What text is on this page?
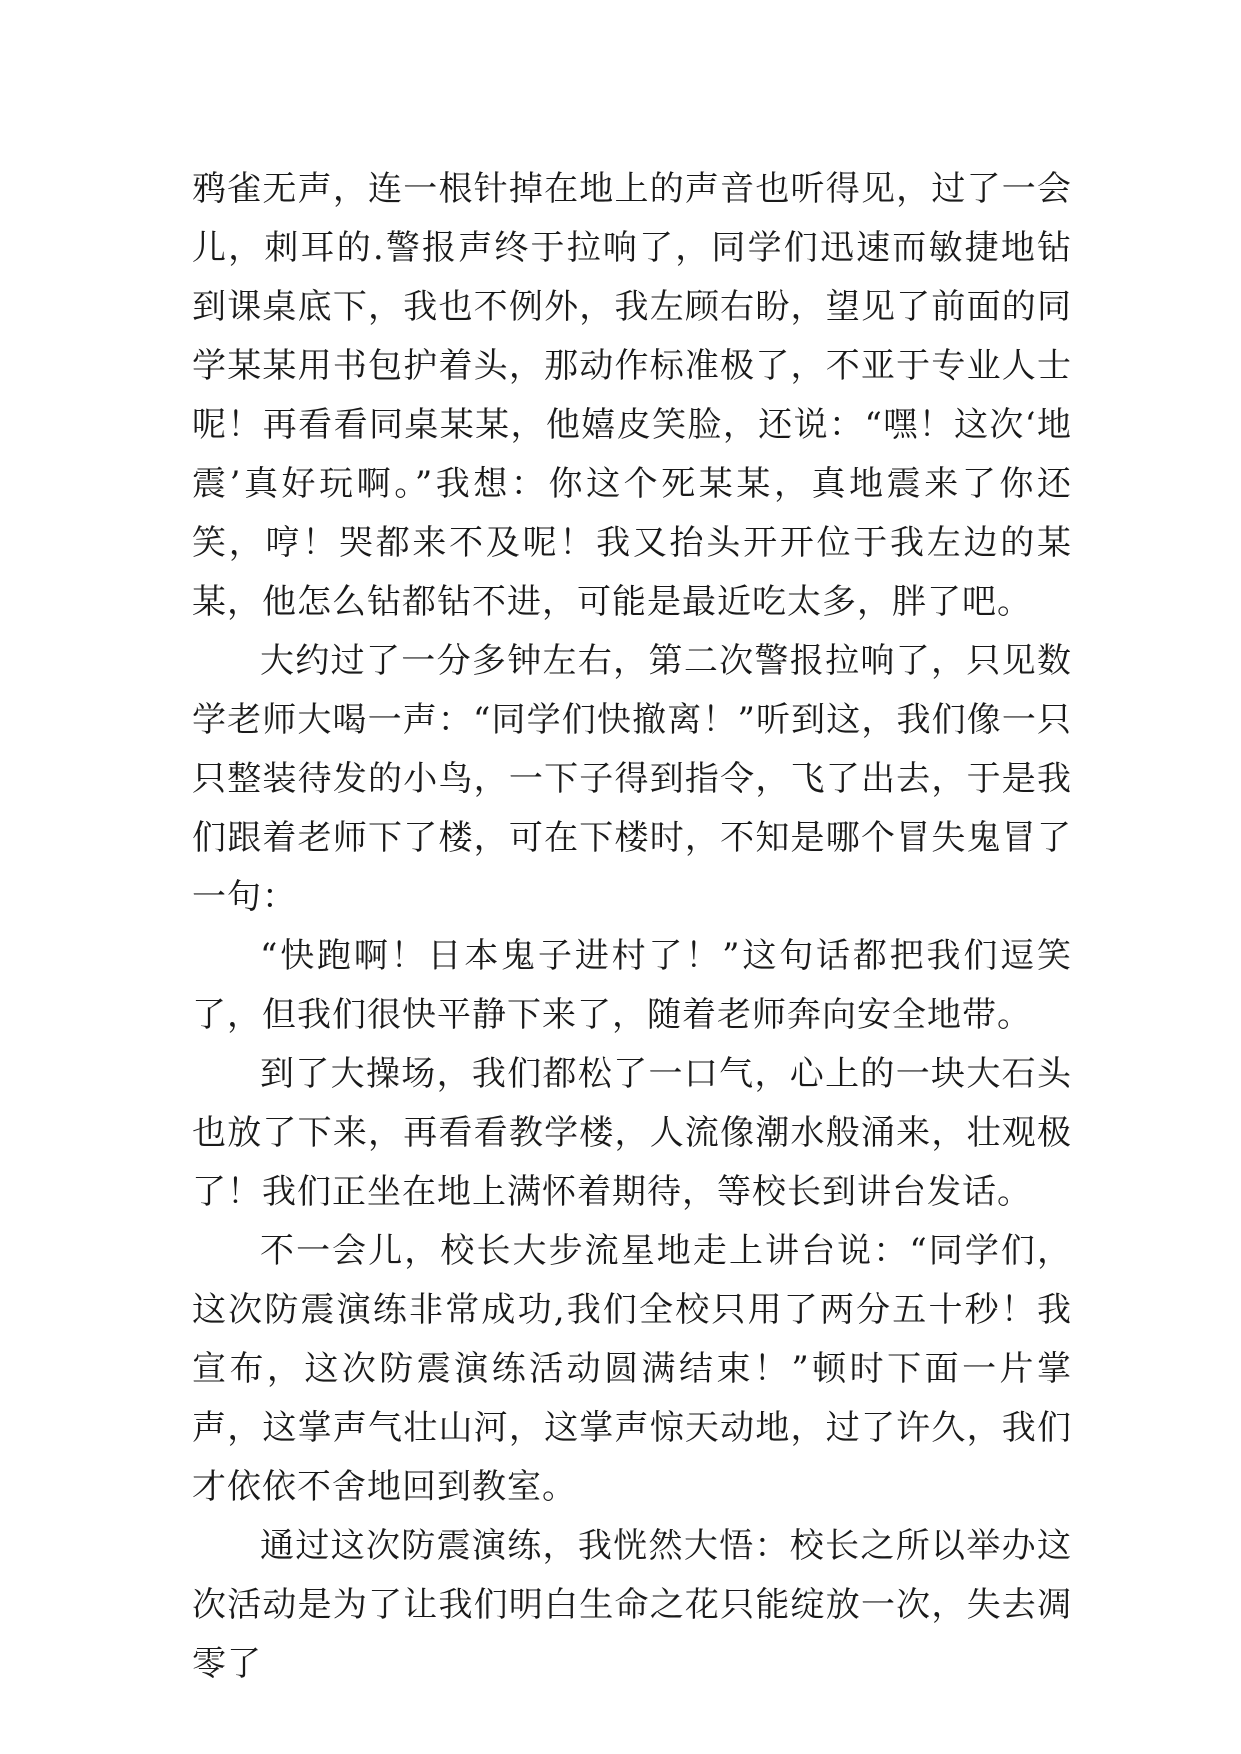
鸦雀无声，连一根针掉在地上的声音也听得见，过了一会儿，刺耳的.警报声终于拉响了，同学们迅速而敏捷地钻到课桌底下，我也不例外，我左顾右盼，望见了前面的同学某某用书包护着头，那动作标准极了，不亚于专业人士呢！再看看同桌某某，他嬉皮笑脸，还说：“嘿！这次‘地震’真好玩啊。”我想：你这个死某某，真地震来了你还笑，哼！哭都来不及呢！我又抬头开开位于我左边的某某，他怎么钻都钻不进，可能是最近吃太多，胖了吧。

大约过了一分多钟左右，第二次警报拉响了，只见数学老师大喝一声：“同学们快撤离！”听到这，我们像一只只整装待发的小鸟，一下子得到指令，飞了出去，于是我们跟着老师下了楼，可在下楼时，不知是哪个冒失鬼冒了一句：

“快跑啊！日本鬼子进村了！”这句话都把我们逗笑了，但我们很快平静下来了，随着老师奔向安全地带。

到了大操场，我们都松了一口气，心上的一块大石头也放了下来，再看看教学楼，人流像潮水般涌来，壮观极了！我们正坐在地上满怀着期待，等校长到讲台发话。

不一会儿，校长大步流星地走上讲台说：“同学们，这次防震演练非常成功,我们全校只用了两分五十秒！我宣布，这次防震演练活动圆满结束！”顿时下面一片掌声，这掌声气壮山河，这掌声惊天动地，过了许久，我们才依依不舍地回到教室。

通过这次防震演练，我恍然大悟：校长之所以举办这次活动是为了让我们明白生命之花只能绽放一次，失去凋零了
